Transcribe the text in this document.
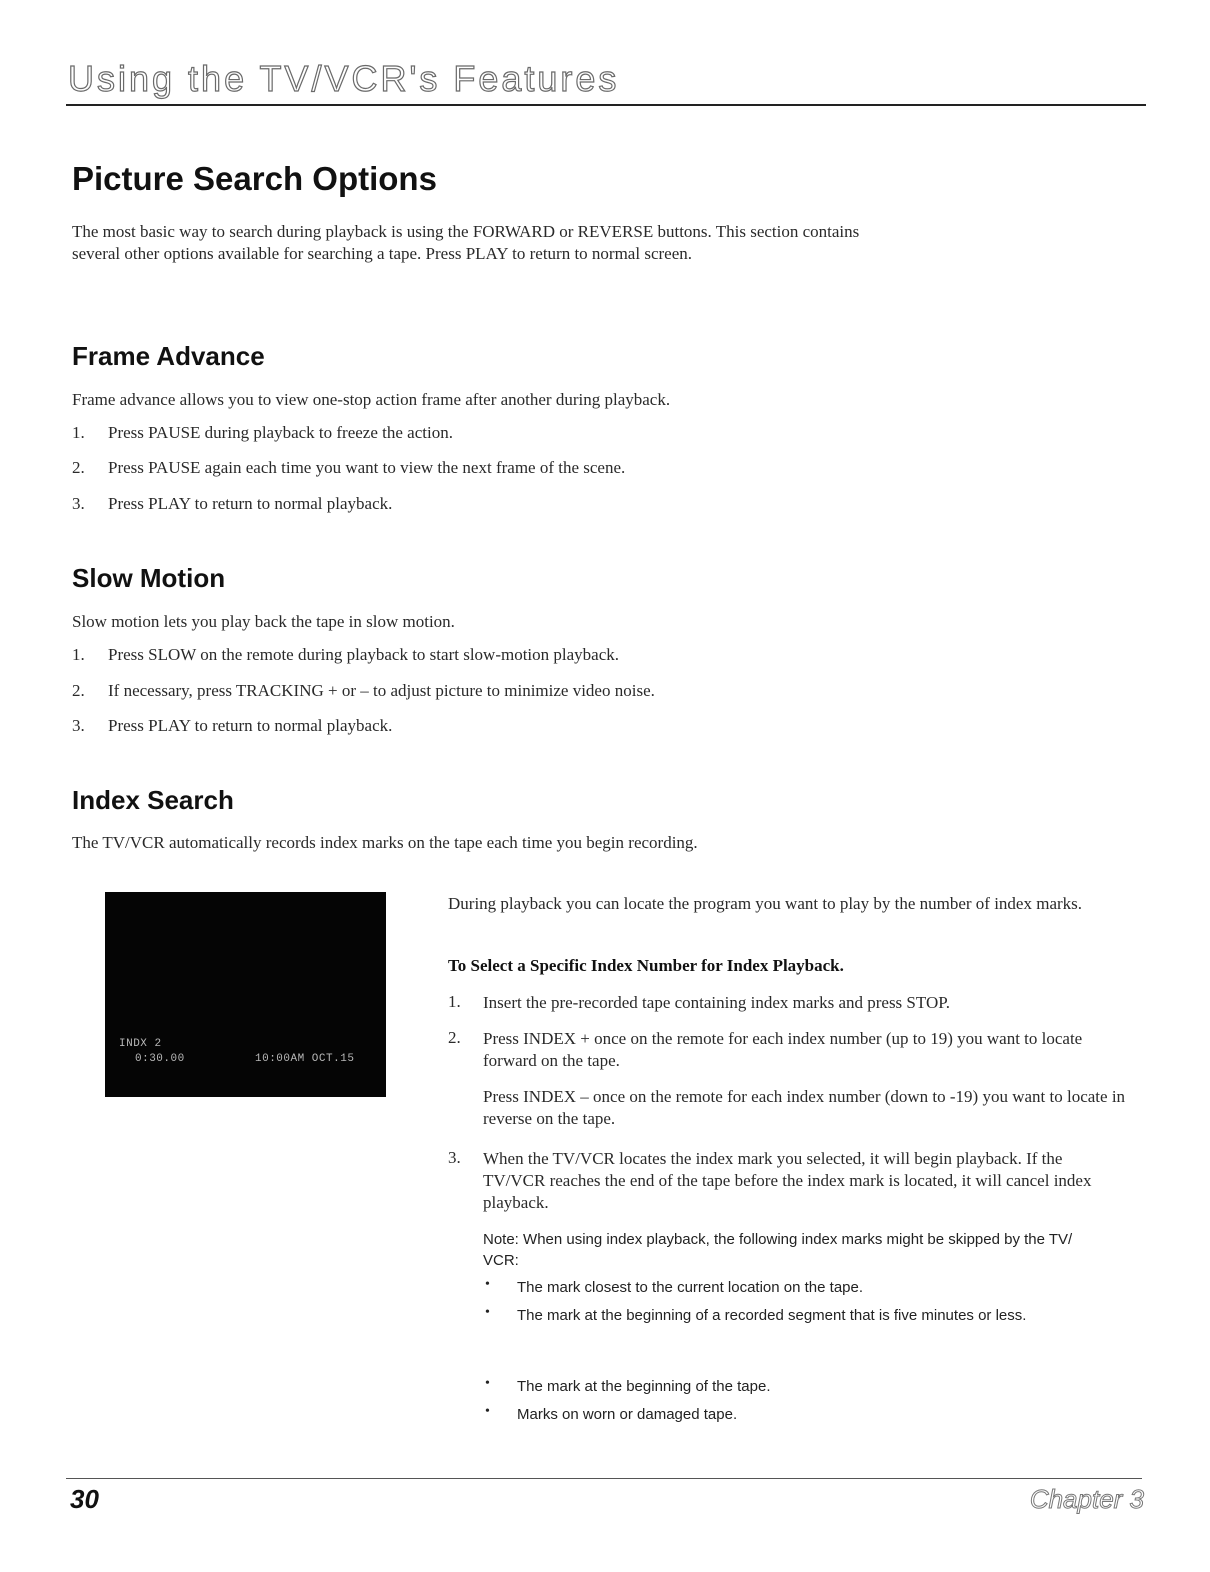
Using the TV/VCR's Features
Picture Search Options

The most basic way to search during playback is using the FORWARD or REVERSE buttons. This section contains several other options available for searching a tape. Press PLAY to return to normal screen.

Frame Advance

Frame advance allows you to view one-stop action frame after another during playback.

1. Press PAUSE during playback to freeze the action.
2. Press PAUSE again each time you want to view the next frame of the scene.
3. Press PLAY to return to normal playback.
Slow Motion

Slow motion lets you play back the tape in slow motion.

1. Press SLOW on the remote during playback to start slow-motion playback.
2. If necessary, press TRACKING + or – to adjust picture to minimize video noise.
3. Press PLAY to return to normal playback.
Index Search

The TV/VCR automatically records index marks on the tape each time you begin recording.

INDX 2
0:30.00	10:00AM OCT.15

During playback you can locate the program you want to play by the number of index marks.

To Select a Specific Index Number for Index Playback.
1. Insert the pre-recorded tape containing index marks and press STOP.
2. Press INDEX + once on the remote for each index number (up to 19) you want to locate forward on the tape.
Press INDEX – once on the remote for each index number (down to -19) you want to locate in reverse on the tape.
3. When the TV/VCR locates the index mark you selected, it will begin playback. If the TV/VCR reaches the end of the tape before the index mark is located, it will cancel index playback.
Note: When using index playback, the following index marks might be skipped by the TV/ VCR:
• The mark closest to the current location on the tape.
• The mark at the beginning of a recorded segment that is five minutes or less.
• The mark at the beginning of the tape.
• Marks on worn or damaged tape.
30	Chapter 3
